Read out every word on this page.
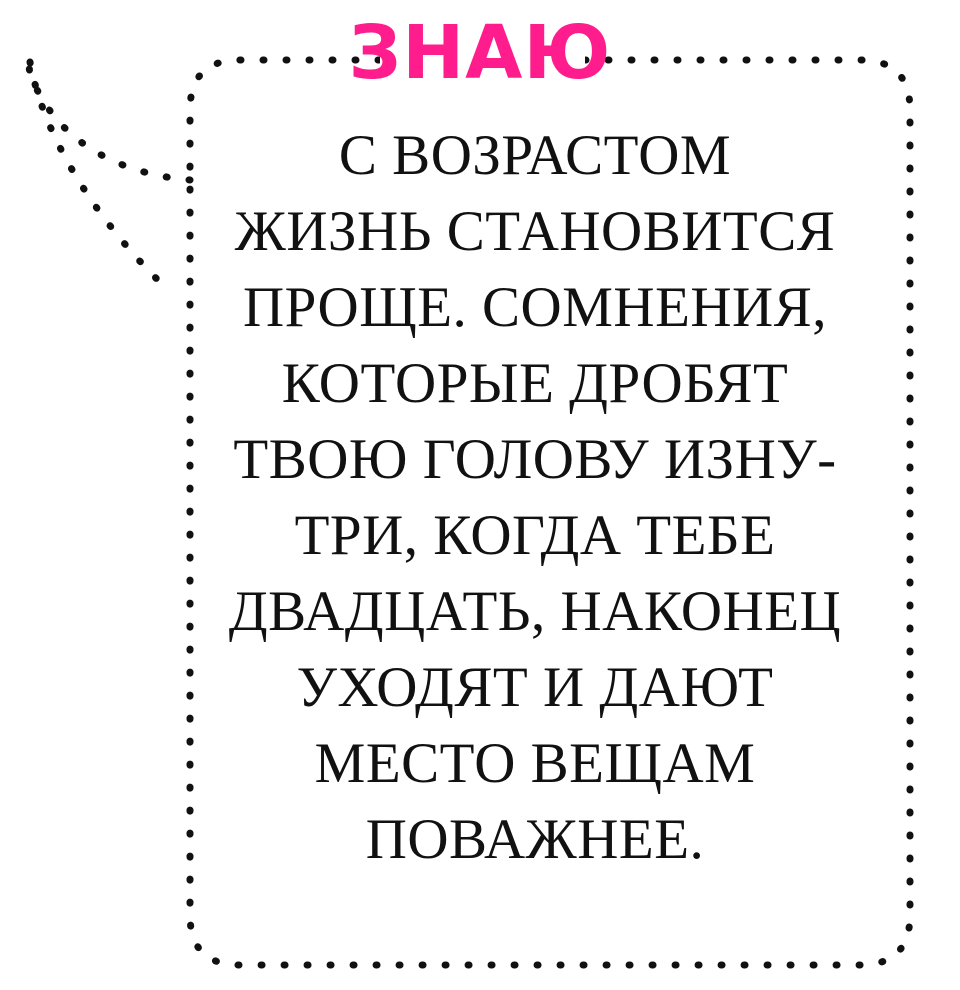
ЗНАЮ
С ВОЗРАСТОМ
ЖИЗНЬ СТАНОВИТСЯ
ПРОЩЕ. СОМНЕНИЯ,
КОТОРЫЕ ДРОБЯТ
ТВОЮ ГОЛОВУ ИЗНУ-
ТРИ, КОГДА ТЕБЕ
ДВАДЦАТЬ, НАКОНЕЦ
УХОДЯТ И ДАЮТ
МЕСТО ВЕЩАМ
ПОВАЖНЕЕ.
